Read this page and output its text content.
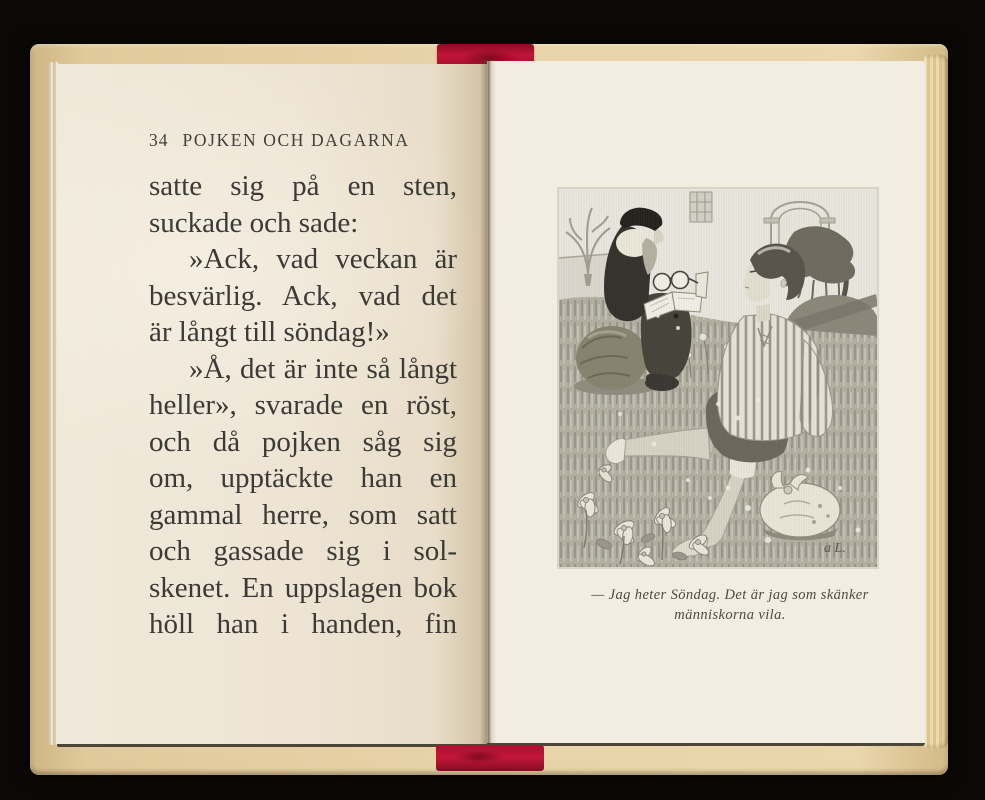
34 POJKEN OCH DAGARNA
satte sig på en sten,
suckade och sade:
»Ack, vad veckan är
besvärlig. Ack, vad det
är långt till söndag!»
»Å, det är inte så långt
heller», svarade en röst,
och då pojken såg sig
om, upptäckte han en
gammal herre, som satt
och gassade sig i sol-
skenet. En uppslagen bok
höll han i handen, fin
a L.
— Jag heter Söndag. Det är jag som skänker
människorna vila.
